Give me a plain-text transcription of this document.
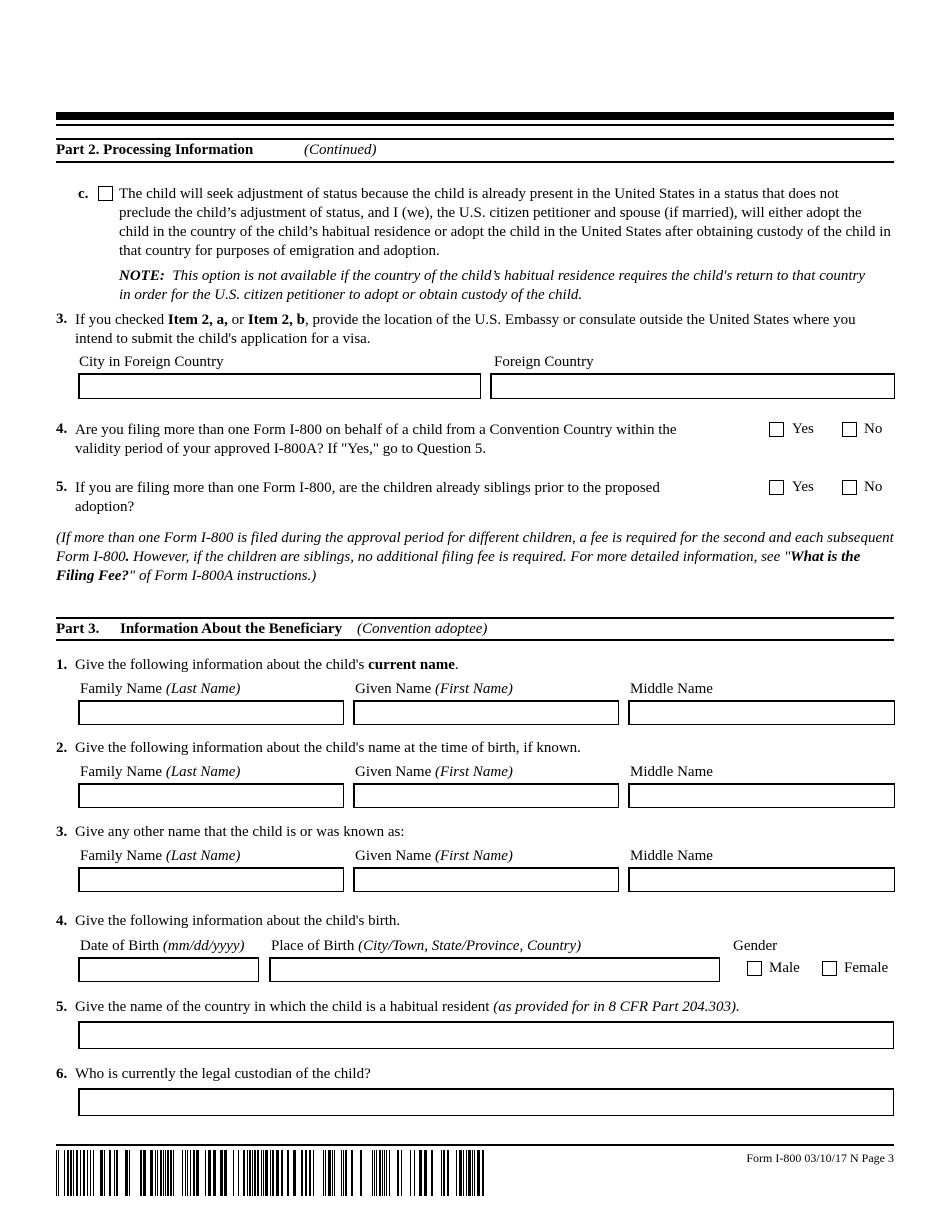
Part 2. Processing Information	(Continued)
c. The child will seek adjustment of status because the child is already present in the United States in a status that does not preclude the child’s adjustment of status, and I (we), the U.S. citizen petitioner and spouse (if married), will either adopt the child in the country of the child’s habitual residence or adopt the child in the United States after obtaining custody of the child in that country for purposes of emigration and adoption.
NOTE: This option is not available if the country of the child’s habitual residence requires the child's return to that country in order for the U.S. citizen petitioner to adopt or obtain custody of the child.
3. If you checked Item 2, a, or Item 2, b, provide the location of the U.S. Embassy or consulate outside the United States where you intend to submit the child's application for a visa.
City in Foreign Country	Foreign Country
4. Are you filing more than one Form I-800 on behalf of a child from a Convention Country within the validity period of your approved I-800A? If "Yes," go to Question 5.
Yes	No
5. If you are filing more than one Form I-800, are the children already siblings prior to the proposed adoption?
Yes	No
(If more than one Form I-800 is filed during the approval period for different children, a fee is required for the second and each subsequent Form I-800. However, if the children are siblings, no additional filing fee is required. For more detailed information, see "What is the Filing Fee?" of Form I-800A instructions.)
Part 3. Information About the Beneficiary (Convention adoptee)
1. Give the following information about the child's current name.
Family Name (Last Name)	Given Name (First Name)	Middle Name
2. Give the following information about the child's name at the time of birth, if known.
Family Name (Last Name)	Given Name (First Name)	Middle Name
3. Give any other name that the child is or was known as:
Family Name (Last Name)	Given Name (First Name)	Middle Name
4. Give the following information about the child's birth.
Date of Birth (mm/dd/yyyy) Place of Birth (City/Town, State/Province, Country)	Gender
Male	Female
5. Give the name of the country in which the child is a habitual resident (as provided for in 8 CFR Part 204.303).
6. Who is currently the legal custodian of the child?
Form I-800 03/10/17 N Page 3
